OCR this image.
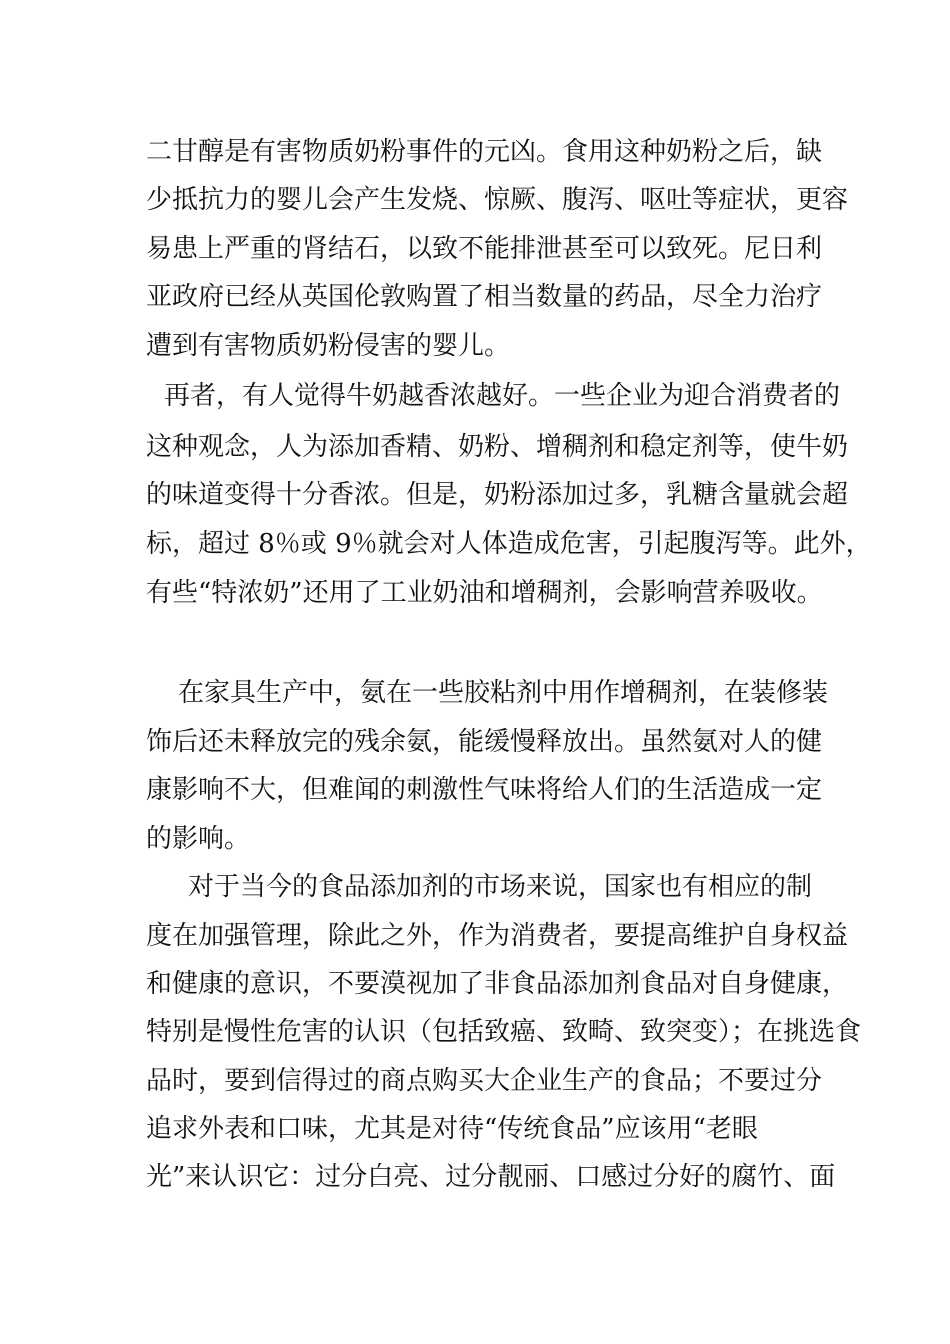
二甘醇是有害物质奶粉事件的元凶。食用这种奶粉之后，缺
少抵抗力的婴儿会产生发烧、惊厥、腹泻、呕吐等症状，更容
易患上严重的肾结石，以致不能排泄甚至可以致死。尼日利
亚政府已经从英国伦敦购置了相当数量的药品，尽全力治疗
遭到有害物质奶粉侵害的婴儿。
再者，有人觉得牛奶越香浓越好。一些企业为迎合消费者的
这种观念，人为添加香精、奶粉、增稠剂和稳定剂等，使牛奶
的味道变得十分香浓。但是，奶粉添加过多，乳糖含量就会超
标，超过 8％或 9％就会对人体造成危害，引起腹泻等。此外，
有些“特浓奶”还用了工业奶油和增稠剂，会影响营养吸收。
在家具生产中，氨在一些胶粘剂中用作增稠剂，在装修装
饰后还未释放完的残余氨，能缓慢释放出。虽然氨对人的健
康影响不大，但难闻的刺激性气味将给人们的生活造成一定
的影响。
对于当今的食品添加剂的市场来说，国家也有相应的制
度在加强管理，除此之外，作为消费者，要提高维护自身权益
和健康的意识，不要漠视加了非食品添加剂食品对自身健康，
特别是慢性危害的认识（包括致癌、致畸、致突变）；在挑选食
品时，要到信得过的商点购买大企业生产的食品；不要过分
追求外表和口味，尤其是对待“传统食品”应该用“老眼
光”来认识它：过分白亮、过分靓丽、口感过分好的腐竹、面
